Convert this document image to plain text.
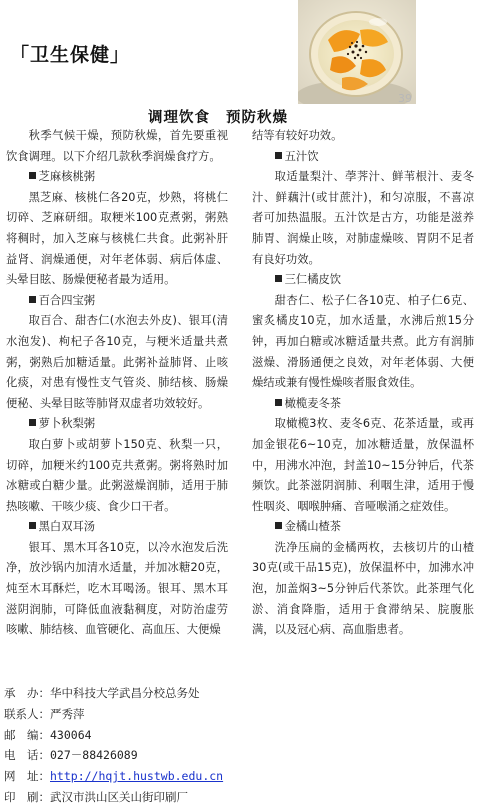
「卫生保健」
39
调理饮食 预防秋燥

秋季气候干燥，预防秋燥，首先要重视饮食调理。以下介绍几款秋季润燥食疗方。

芝麻核桃粥

黑芝麻、核桃仁各20克，炒熟，将桃仁切碎、芝麻研细。取粳米100克煮粥，粥熟将稠时，加入芝麻与核桃仁共食。此粥补肝益肾、润燥通便，对年老体弱、病后体虚、头晕目眩、肠燥便秘者最为适用。

百合四宝粥

取百合、甜杏仁(水泡去外皮)、银耳(清水泡发)、枸杞子各10克，与粳米适量共煮粥，粥熟后加糖适量。此粥补益肺肾、止咳化痰，对患有慢性支气管炎、肺结核、肠燥便秘、头晕目眩等肺肾双虚者功效较好。

萝卜秋梨粥

取白萝卜或胡萝卜150克、秋梨一只，切碎，加粳米约100克共煮粥。粥将熟时加冰糖或白糖少量。此粥滋燥润肺，适用于肺热咳嗽、干咳少痰、食少口干者。

黑白双耳汤

银耳、黑木耳各10克，以冷水泡发后洗净，放沙锅内加清水适量，并加冰糖20克，炖至木耳酥烂，吃木耳喝汤。银耳、黑木耳滋阴润肺，可降低血液黏稠度，对防治虚劳咳嗽、肺结核、血管硬化、高血压、大便燥

结等有较好功效。

五汁饮

取适量梨汁、荸荠汁、鲜苇根汁、麦冬汁、鲜藕汁(或甘蔗汁)，和匀凉服，不喜凉者可加热温服。五汁饮是古方，功能是滋养肺胃、润燥止咳，对肺虚燥咳、胃阴不足者有良好功效。

三仁橘皮饮

甜杏仁、松子仁各10克、柏子仁6克、蜜炙橘皮10克，加水适量，水沸后煎15分钟，再加白糖或冰糖适量共煮。此方有润肺滋燥、滑肠通便之良效，对年老体弱、大便燥结或兼有慢性燥咳者服食效佳。

橄榄麦冬茶

取橄榄3枚、麦冬6克、花茶适量，或再加金银花6~10克，加冰糖适量，放保温杯中，用沸水冲泡，封盖10~15分钟后，代茶频饮。此茶滋阴润肺、利咽生津，适用于慢性咽炎、咽喉肿痛、音哑喉涌之症效佳。

金橘山楂茶

洗净压扁的金橘两枚，去核切片的山楂30克(或干品15克)，放保温杯中，加沸水冲泡，加盖焖3~5分钟后代茶饮。此茶理气化淤、消食降脂，适用于食滞纳呆、脘腹胀满，以及冠心病、高血脂患者。

承　办：华中科技大学武昌分校总务处
联系人：严秀萍
邮　编：430064
电　话：027－88426089
网　址：http://hqjt.hustwb.edu.cn
印　刷：武汉市洪山区关山街印刷厂
